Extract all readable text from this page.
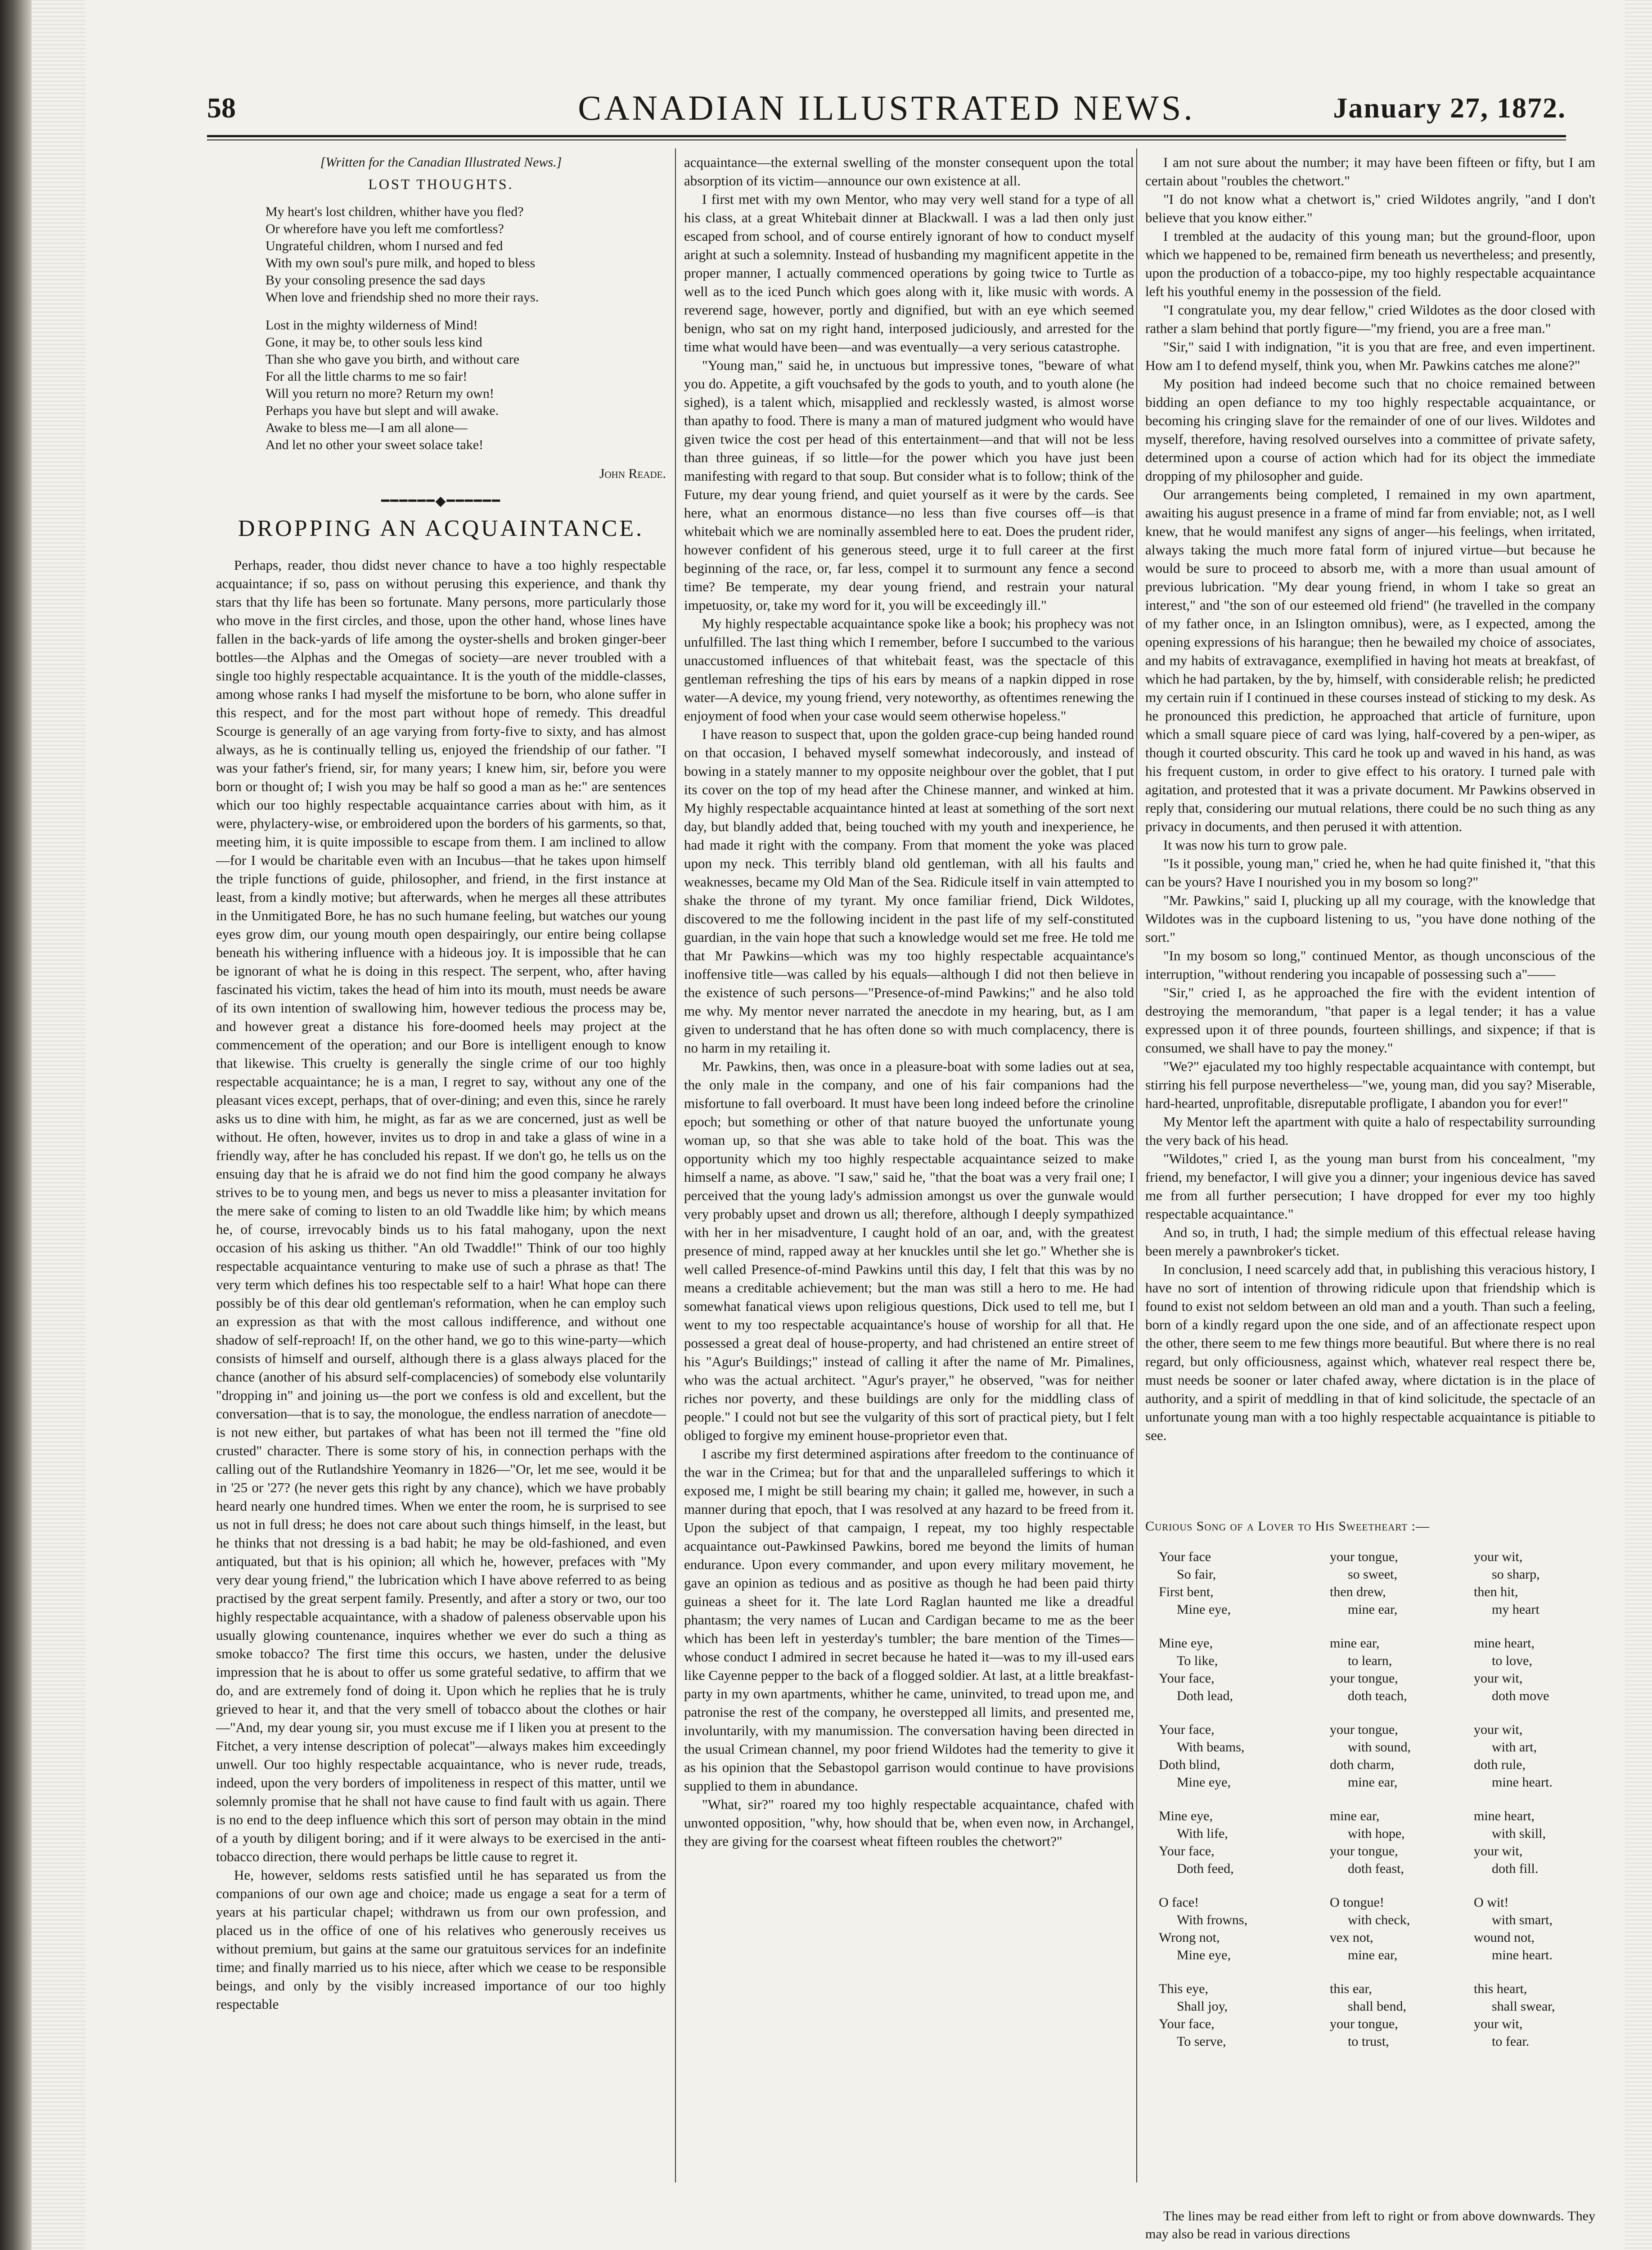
58	CANADIAN ILLUSTRATED NEWS.	January 27, 1872.
[Written for the Canadian Illustrated News.]
LOST THOUGHTS.
My heart's lost children, whither have you fled?
Or wherefore have you left me comfortless?
Ungrateful children, whom I nursed and fed
With my own soul's pure milk, and hoped to bless
By your consoling presence the sad days
When love and friendship shed no more their rays.
Lost in the mighty wilderness of Mind!
Gone, it may be, to other souls less kind
Than she who gave you birth, and without care
For all the little charms to me so fair!
Will you return no more? Return my own!
Perhaps you have but slept and will awake.
Awake to bless me—I am all alone—
And let no other your sweet solace take!
John Reade.
━━━━━━◆━━━━━━
DROPPING AN ACQUAINTANCE.

Perhaps, reader, thou didst never chance to have a too highly respectable acquaintance; if so, pass on without perusing this experience, and thank thy stars that thy life has been so fortunate. Many persons, more particularly those who move in the first circles, and those, upon the other hand, whose lines have fallen in the back-yards of life among the oyster-shells and broken ginger-beer bottles—the Alphas and the Omegas of society—are never troubled with a single too highly respectable acquaintance. It is the youth of the middle-classes, among whose ranks I had myself the misfortune to be born, who alone suffer in this respect, and for the most part without hope of remedy. This dreadful Scourge is generally of an age varying from forty-five to sixty, and has almost always, as he is continually telling us, enjoyed the friendship of our father. "I was your father's friend, sir, for many years; I knew him, sir, before you were born or thought of; I wish you may be half so good a man as he:" are sentences which our too highly respectable acquaintance carries about with him, as it were, phylactery-wise, or embroidered upon the borders of his garments, so that, meeting him, it is quite impossible to escape from them. I am inclined to allow—for I would be charitable even with an Incubus—that he takes upon himself the triple functions of guide, philosopher, and friend, in the first instance at least, from a kindly motive; but afterwards, when he merges all these attributes in the Unmitigated Bore, he has no such humane feeling, but watches our young eyes grow dim, our young mouth open despairingly, our entire being collapse beneath his withering influence with a hideous joy. It is impossible that he can be ignorant of what he is doing in this respect. The serpent, who, after having fascinated his victim, takes the head of him into its mouth, must needs be aware of its own intention of swallowing him, however tedious the process may be, and however great a distance his fore-doomed heels may project at the commencement of the operation; and our Bore is intelligent enough to know that likewise. This cruelty is generally the single crime of our too highly respectable acquaintance; he is a man, I regret to say, without any one of the pleasant vices except, perhaps, that of over-dining; and even this, since he rarely asks us to dine with him, he might, as far as we are concerned, just as well be without. He often, however, invites us to drop in and take a glass of wine in a friendly way, after he has concluded his repast. If we don't go, he tells us on the ensuing day that he is afraid we do not find him the good company he always strives to be to young men, and begs us never to miss a pleasanter invitation for the mere sake of coming to listen to an old Twaddle like him; by which means he, of course, irrevocably binds us to his fatal mahogany, upon the next occasion of his asking us thither. "An old Twaddle!" Think of our too highly respectable acquaintance venturing to make use of such a phrase as that! The very term which defines his too respectable self to a hair! What hope can there possibly be of this dear old gentleman's reformation, when he can employ such an expression as that with the most callous indifference, and without one shadow of self-reproach! If, on the other hand, we go to this wine-party—which consists of himself and ourself, although there is a glass always placed for the chance (another of his absurd self-complacencies) of somebody else voluntarily "dropping in" and joining us—the port we confess is old and excellent, but the conversation—that is to say, the monologue, the endless narration of anecdote—is not new either, but partakes of what has been not ill termed the "fine old crusted" character. There is some story of his, in connection perhaps with the calling out of the Rutlandshire Yeomanry in 1826—"Or, let me see, would it be in '25 or '27? (he never gets this right by any chance), which we have probably heard nearly one hundred times. When we enter the room, he is surprised to see us not in full dress; he does not care about such things himself, in the least, but he thinks that not dressing is a bad habit; he may be old-fashioned, and even antiquated, but that is his opinion; all which he, however, prefaces with "My very dear young friend," the lubrication which I have above referred to as being practised by the great serpent family. Presently, and after a story or two, our too highly respectable acquaintance, with a shadow of paleness observable upon his usually glowing countenance, inquires whether we ever do such a thing as smoke tobacco? The first time this occurs, we hasten, under the delusive impression that he is about to offer us some grateful sedative, to affirm that we do, and are extremely fond of doing it. Upon which he replies that he is truly grieved to hear it, and that the very smell of tobacco about the clothes or hair—"And, my dear young sir, you must excuse me if I liken you at present to the Fitchet, a very intense description of polecat"—always makes him exceedingly unwell. Our too highly respectable acquaintance, who is never rude, treads, indeed, upon the very borders of impoliteness in respect of this matter, until we solemnly promise that he shall not have cause to find fault with us again. There is no end to the deep influence which this sort of person may obtain in the mind of a youth by diligent boring; and if it were always to be exercised in the anti-tobacco direction, there would perhaps be little cause to regret it.

He, however, seldoms rests satisfied until he has separated us from the companions of our own age and choice; made us engage a seat for a term of years at his particular chapel; withdrawn us from our own profession, and placed us in the office of one of his relatives who generously receives us without premium, but gains at the same our gratuitous services for an indefinite time; and finally married us to his niece, after which we cease to be responsible beings, and only by the visibly increased importance of our too highly respectable

acquaintance—the external swelling of the monster consequent upon the total absorption of its victim—announce our own existence at all.

I first met with my own Mentor, who may very well stand for a type of all his class, at a great Whitebait dinner at Blackwall. I was a lad then only just escaped from school, and of course entirely ignorant of how to conduct myself aright at such a solemnity. Instead of husbanding my magnificent appetite in the proper manner, I actually commenced operations by going twice to Turtle as well as to the iced Punch which goes along with it, like music with words. A reverend sage, however, portly and dignified, but with an eye which seemed benign, who sat on my right hand, interposed judiciously, and arrested for the time what would have been—and was eventually—a very serious catastrophe.

"Young man," said he, in unctuous but impressive tones, "beware of what you do. Appetite, a gift vouchsafed by the gods to youth, and to youth alone (he sighed), is a talent which, misapplied and recklessly wasted, is almost worse than apathy to food. There is many a man of matured judgment who would have given twice the cost per head of this entertainment—and that will not be less than three guineas, if so little—for the power which you have just been manifesting with regard to that soup. But consider what is to follow; think of the Future, my dear young friend, and quiet yourself as it were by the cards. See here, what an enormous distance—no less than five courses off—is that whitebait which we are nominally assembled here to eat. Does the prudent rider, however confident of his generous steed, urge it to full career at the first beginning of the race, or, far less, compel it to surmount any fence a second time? Be temperate, my dear young friend, and restrain your natural impetuosity, or, take my word for it, you will be exceedingly ill."

My highly respectable acquaintance spoke like a book; his prophecy was not unfulfilled. The last thing which I remember, before I succumbed to the various unaccustomed influences of that whitebait feast, was the spectacle of this gentleman refreshing the tips of his ears by means of a napkin dipped in rose water—A device, my young friend, very noteworthy, as oftentimes renewing the enjoyment of food when your case would seem otherwise hopeless."

I have reason to suspect that, upon the golden grace-cup being handed round on that occasion, I behaved myself somewhat indecorously, and instead of bowing in a stately manner to my opposite neighbour over the goblet, that I put its cover on the top of my head after the Chinese manner, and winked at him. My highly respectable acquaintance hinted at least at something of the sort next day, but blandly added that, being touched with my youth and inexperience, he had made it right with the company. From that moment the yoke was placed upon my neck. This terribly bland old gentleman, with all his faults and weaknesses, became my Old Man of the Sea. Ridicule itself in vain attempted to shake the throne of my tyrant. My once familiar friend, Dick Wildotes, discovered to me the following incident in the past life of my self-constituted guardian, in the vain hope that such a knowledge would set me free. He told me that Mr Pawkins—which was my too highly respectable acquaintance's inoffensive title—was called by his equals—although I did not then believe in the existence of such persons—"Presence-of-mind Pawkins;" and he also told me why. My mentor never narrated the anecdote in my hearing, but, as I am given to understand that he has often done so with much complacency, there is no harm in my retailing it.

Mr. Pawkins, then, was once in a pleasure-boat with some ladies out at sea, the only male in the company, and one of his fair companions had the misfortune to fall overboard. It must have been long indeed before the crinoline epoch; but something or other of that nature buoyed the unfortunate young woman up, so that she was able to take hold of the boat. This was the opportunity which my too highly respectable acquaintance seized to make himself a name, as above. "I saw," said he, "that the boat was a very frail one; I perceived that the young lady's admission amongst us over the gunwale would very probably upset and drown us all; therefore, although I deeply sympathized with her in her misadventure, I caught hold of an oar, and, with the greatest presence of mind, rapped away at her knuckles until she let go." Whether she is well called Presence-of-mind Pawkins until this day, I felt that this was by no means a creditable achievement; but the man was still a hero to me. He had somewhat fanatical views upon religious questions, Dick used to tell me, but I went to my too respectable acquaintance's house of worship for all that. He possessed a great deal of house-property, and had christened an entire street of his "Agur's Buildings;" instead of calling it after the name of Mr. Pimalines, who was the actual architect. "Agur's prayer," he observed, "was for neither riches nor poverty, and these buildings are only for the middling class of people." I could not but see the vulgarity of this sort of practical piety, but I felt obliged to forgive my eminent house-proprietor even that.

I ascribe my first determined aspirations after freedom to the continuance of the war in the Crimea; but for that and the unparalleled sufferings to which it exposed me, I might be still bearing my chain; it galled me, however, in such a manner during that epoch, that I was resolved at any hazard to be freed from it. Upon the subject of that campaign, I repeat, my too highly respectable acquaintance out-Pawkinsed Pawkins, bored me beyond the limits of human endurance. Upon every commander, and upon every military movement, he gave an opinion as tedious and as positive as though he had been paid thirty guineas a sheet for it. The late Lord Raglan haunted me like a dreadful phantasm; the very names of Lucan and Cardigan became to me as the beer which has been left in yesterday's tumbler; the bare mention of the Times—whose conduct I admired in secret because he hated it—was to my ill-used ears like Cayenne pepper to the back of a flogged soldier. At last, at a little breakfast-party in my own apartments, whither he came, uninvited, to tread upon me, and patronise the rest of the company, he overstepped all limits, and presented me, involuntarily, with my manumission. The conversation having been directed in the usual Crimean channel, my poor friend Wildotes had the temerity to give it as his opinion that the Sebastopol garrison would continue to have provisions supplied to them in abundance.

"What, sir?" roared my too highly respectable acquaintance, chafed with unwonted opposition, "why, how should that be, when even now, in Archangel, they are giving for the coarsest wheat fifteen roubles the chetwort?"

I am not sure about the number; it may have been fifteen or fifty, but I am certain about "roubles the chetwort."

"I do not know what a chetwort is," cried Wildotes angrily, "and I don't believe that you know either."

I trembled at the audacity of this young man; but the ground-floor, upon which we happened to be, remained firm beneath us nevertheless; and presently, upon the production of a tobacco-pipe, my too highly respectable acquaintance left his youthful enemy in the possession of the field.

"I congratulate you, my dear fellow," cried Wildotes as the door closed with rather a slam behind that portly figure—"my friend, you are a free man."

"Sir," said I with indignation, "it is you that are free, and even impertinent. How am I to defend myself, think you, when Mr. Pawkins catches me alone?"

My position had indeed become such that no choice remained between bidding an open defiance to my too highly respectable acquaintance, or becoming his cringing slave for the remainder of one of our lives. Wildotes and myself, therefore, having resolved ourselves into a committee of private safety, determined upon a course of action which had for its object the immediate dropping of my philosopher and guide.

Our arrangements being completed, I remained in my own apartment, awaiting his august presence in a frame of mind far from enviable; not, as I well knew, that he would manifest any signs of anger—his feelings, when irritated, always taking the much more fatal form of injured virtue—but because he would be sure to proceed to absorb me, with a more than usual amount of previous lubrication. "My dear young friend, in whom I take so great an interest," and "the son of our esteemed old friend" (he travelled in the company of my father once, in an Islington omnibus), were, as I expected, among the opening expressions of his harangue; then he bewailed my choice of associates, and my habits of extravagance, exemplified in having hot meats at breakfast, of which he had partaken, by the by, himself, with considerable relish; he predicted my certain ruin if I continued in these courses instead of sticking to my desk. As he pronounced this prediction, he approached that article of furniture, upon which a small square piece of card was lying, half-covered by a pen-wiper, as though it courted obscurity. This card he took up and waved in his hand, as was his frequent custom, in order to give effect to his oratory. I turned pale with agitation, and protested that it was a private document. Mr Pawkins observed in reply that, considering our mutual relations, there could be no such thing as any privacy in documents, and then perused it with attention.

It was now his turn to grow pale.

"Is it possible, young man," cried he, when he had quite finished it, "that this can be yours? Have I nourished you in my bosom so long?"

"Mr. Pawkins," said I, plucking up all my courage, with the knowledge that Wildotes was in the cupboard listening to us, "you have done nothing of the sort."

"In my bosom so long," continued Mentor, as though unconscious of the interruption, "without rendering you incapable of possessing such a"——

"Sir," cried I, as he approached the fire with the evident intention of destroying the memorandum, "that paper is a legal tender; it has a value expressed upon it of three pounds, fourteen shillings, and sixpence; if that is consumed, we shall have to pay the money."

"We?" ejaculated my too highly respectable acquaintance with contempt, but stirring his fell purpose nevertheless—"we, young man, did you say? Miserable, hard-hearted, unprofitable, disreputable profligate, I abandon you for ever!"

My Mentor left the apartment with quite a halo of respectability surrounding the very back of his head.

"Wildotes," cried I, as the young man burst from his concealment, "my friend, my benefactor, I will give you a dinner; your ingenious device has saved me from all further persecution; I have dropped for ever my too highly respectable acquaintance."

And so, in truth, I had; the simple medium of this effectual release having been merely a pawnbroker's ticket.

In conclusion, I need scarcely add that, in publishing this veracious history, I have no sort of intention of throwing ridicule upon that friendship which is found to exist not seldom between an old man and a youth. Than such a feeling, born of a kindly regard upon the one side, and of an affectionate respect upon the other, there seem to me few things more beautiful. But where there is no real regard, but only officiousness, against which, whatever real respect there be, must needs be sooner or later chafed away, where dictation is in the place of authority, and a spirit of meddling in that of kind solicitude, the spectacle of an unfortunate young man with a too highly respectable acquaintance is pitiable to see.

Curious Song of a Lover to His Sweetheart :—
Your face	your tongue,	your wit,
So fair,	so sweet,	so sharp,
First bent,	then drew,	then hit,
Mine eye,	mine ear,	my heart
Mine eye,	mine ear,	mine heart,
To like,	to learn,	to love,
Your face,	your tongue,	your wit,
Doth lead,	doth teach,	doth move
Your face,	your tongue,	your wit,
With beams,	with sound,	with art,
Doth blind,	doth charm,	doth rule,
Mine eye,	mine ear,	mine heart.
Mine eye,	mine ear,	mine heart,
With life,	with hope,	with skill,
Your face,	your tongue,	your wit,
Doth feed,	doth feast,	doth fill.
O face!	O tongue!	O wit!
With frowns,	with check,	with smart,
Wrong not,	vex not,	wound not,
Mine eye,	mine ear,	mine heart.
This eye,	this ear,	this heart,
Shall joy,	shall bend,	shall swear,
Your face,	your tongue,	your wit,
To serve,	to trust,	to fear.
The lines may be read either from left to right or from above downwards. They may also be read in various directions
